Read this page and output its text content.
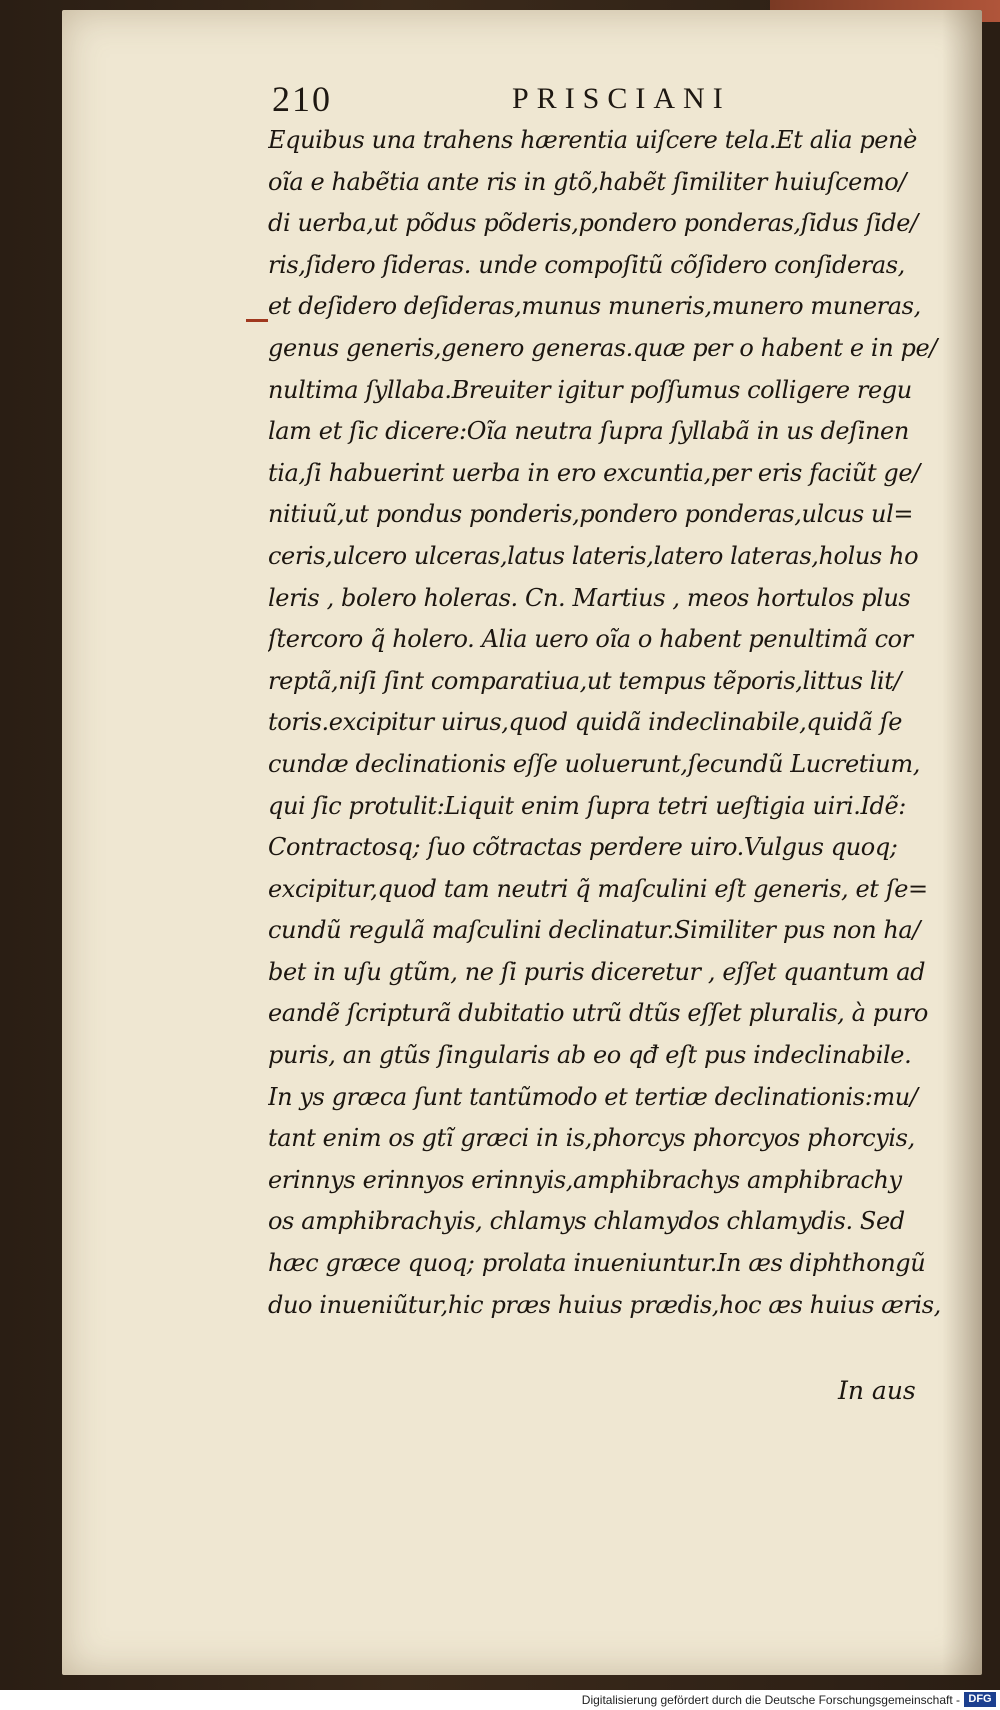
210	PRISCIANI
Equibus una trahens hærentia uiſcere tela.Et alia penè
oĩa e habẽtia ante ris in gtõ,habẽt ſimiliter huiuſcemo/
di uerba,ut põdus põderis,pondero ponderas,ſidus ſide/
ris,ſidero ſideras. unde compoſitũ cõſidero conſideras,
et deſidero deſideras,munus muneris,munero muneras,
genus generis,genero generas.quæ per o habent e in pe/
nultima ſyllaba.Breuiter igitur poſſumus colligere regu
lam et ſic dicere:Oĩa neutra ſupra ſyllabã in us deſinen
tia,ſi habuerint uerba in ero excuntia,per eris faciũt ge/
nitiuũ,ut pondus ponderis,pondero ponderas,ulcus ul=
ceris,ulcero ulceras,latus lateris,latero lateras,holus ho
leris , bolero holeras. Cn. Martius , meos hortulos plus
ſtercoro q̃ holero. Alia uero oĩa o habent penultimã cor
reptã,niſi ſint comparatiua,ut tempus tẽporis,littus lit/
toris.excipitur uirus,quod quidã indeclinabile,quidã ſe
cundæ declinationis eſſe uoluerunt,ſecundũ Lucretium,
qui ſic protulit:Liquit enim ſupra tetri ueſtigia uiri.Idẽ:
Contractosq; ſuo cõtractas perdere uiro.Vulgus quoq;
excipitur,quod tam neutri q̃ maſculini eſt generis, et ſe=
cundũ regulã maſculini declinatur.Similiter pus non ha/
bet in uſu gtũm, ne ſi puris diceretur , eſſet quantum ad
eandẽ ſcripturã dubitatio utrũ dtũs eſſet pluralis, à puro
puris, an gtũs ſingularis ab eo qđ eſt pus indeclinabile.
In ys græca ſunt tantũmodo et tertiæ declinationis:mu/
tant enim os gtĩ græci in is,phorcys phorcyos phorcyis,
erinnys erinnyos erinnyis,amphibrachys amphibrachy
os amphibrachyis, chlamys chlamydos chlamydis. Sed
hæc græce quoq; prolata inueniuntur.In æs diphthongũ
duo inueniũtur,hic præs huius prædis,hoc æs huius æris,
In aus
Digitalisierung gefördert durch die Deutsche Forschungsgemeinschaft - DFG
